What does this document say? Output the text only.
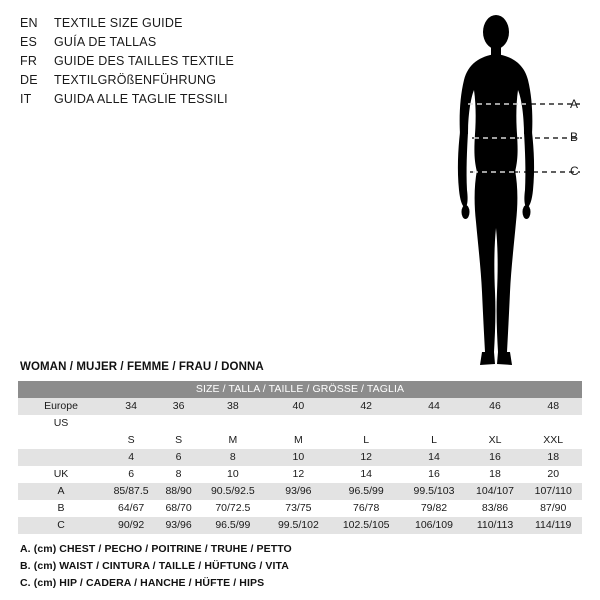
EN	TEXTILE SIZE GUIDE
ES	GUÍA DE TALLAS
FR	GUIDE DES TAILLES TEXTILE
DE	TEXTILGRÖßENFÜHRUNG
IT	GUIDA ALLE TAGLIE TESSILI	A
B
C
WOMAN / MUJER / FEMME / FRAU / DONNA
SIZE / TALLA / TAILLE / GRÖSSE / TAGLIA								
Europe	34	36	38	40	42	44	46	48
US								
	S	S	M	M	L	L	XL	XXL
	4	6	8	10	12	14	16	18
UK	6	8	10	12	14	16	18	20
A	85/87.5	88/90	90.5/92.5	93/96	96.5/99	99.5/103	104/107	107/110
B	64/67	68/70	70/72.5	73/75	76/78	79/82	83/86	87/90
C	90/92	93/96	96.5/99	99.5/102	102.5/105	106/109	110/113	114/119
A. (cm) CHEST / PECHO / POITRINE / TRUHE / PETTO
B. (cm) WAIST / CINTURA / TAILLE / HÜFTUNG / VITA
C. (cm) HIP / CADERA / HANCHE / HÜFTE / HIPS
